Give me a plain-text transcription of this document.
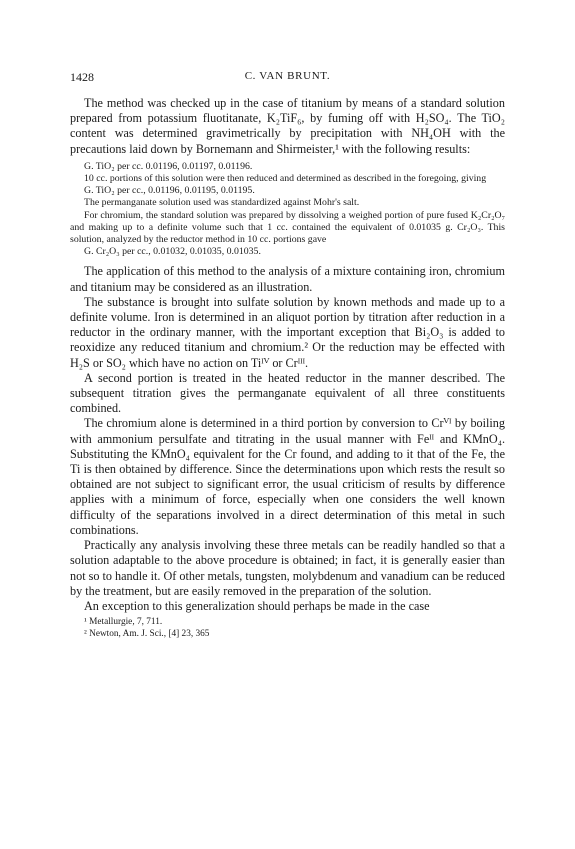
1428	C. VAN BRUNT.

The method was checked up in the case of titanium by means of a standard solution prepared from potassium fluotitanate, K₂TiF₆, by fuming off with H₂SO₄. The TiO₂ content was determined gravimetrically by precipitation with NH₄OH with the precautions laid down by Bornemann and Shirmeister,¹ with the following results:

G. TiO₂ per cc. 0.01196, 0.01197, 0.01196.

10 cc. portions of this solution were then reduced and determined as described in the foregoing, giving

G. TiO₂ per cc., 0.01196, 0.01195, 0.01195.

The permanganate solution used was standardized against Mohr's salt.

For chromium, the standard solution was prepared by dissolving a weighed portion of pure fused K₂Cr₂O₇ and making up to a definite volume such that 1 cc. contained the equivalent of 0.01035 g. Cr₂O₃. This solution, analyzed by the reductor method in 10 cc. portions gave

G. Cr₂O₃ per cc., 0.01032, 0.01035, 0.01035.

The application of this method to the analysis of a mixture containing iron, chromium and titanium may be considered as an illustration.

The substance is brought into sulfate solution by known methods and made up to a definite volume. Iron is determined in an aliquot portion by titration after reduction in a reductor in the ordinary manner, with the important exception that Bi₂O₃ is added to reoxidize any reduced titanium and chromium.² Or the reduction may be effected with H₂S or SO₂ which have no action on Tiᴵⱽ or Crᴵᴵᴵ.

A second portion is treated in the heated reductor in the manner described. The subsequent titration gives the permanganate equivalent of all three constituents combined.

The chromium alone is determined in a third portion by conversion to Crⱽᴵ by boiling with ammonium persulfate and titrating in the usual manner with Feᴵᴵ and KMnO₄. Substituting the KMnO₄ equivalent for the Cr found, and adding to it that of the Fe, the Ti is then obtained by difference. Since the determinations upon which rests the result so obtained are not subject to significant error, the usual criticism of results by difference applies with a minimum of force, especially when one considers the well known difficulty of the separations involved in a direct determination of this metal in such combinations.

Practically any analysis involving these three metals can be readily handled so that a solution adaptable to the above procedure is obtained; in fact, it is generally easier than not so to handle it. Of other metals, tungsten, molybdenum and vanadium can be reduced by the treatment, but are easily removed in the preparation of the solution.

An exception to this generalization should perhaps be made in the case

¹ Metallurgie, 7, 711.

² Newton, Am. J. Sci., [4] 23, 365
